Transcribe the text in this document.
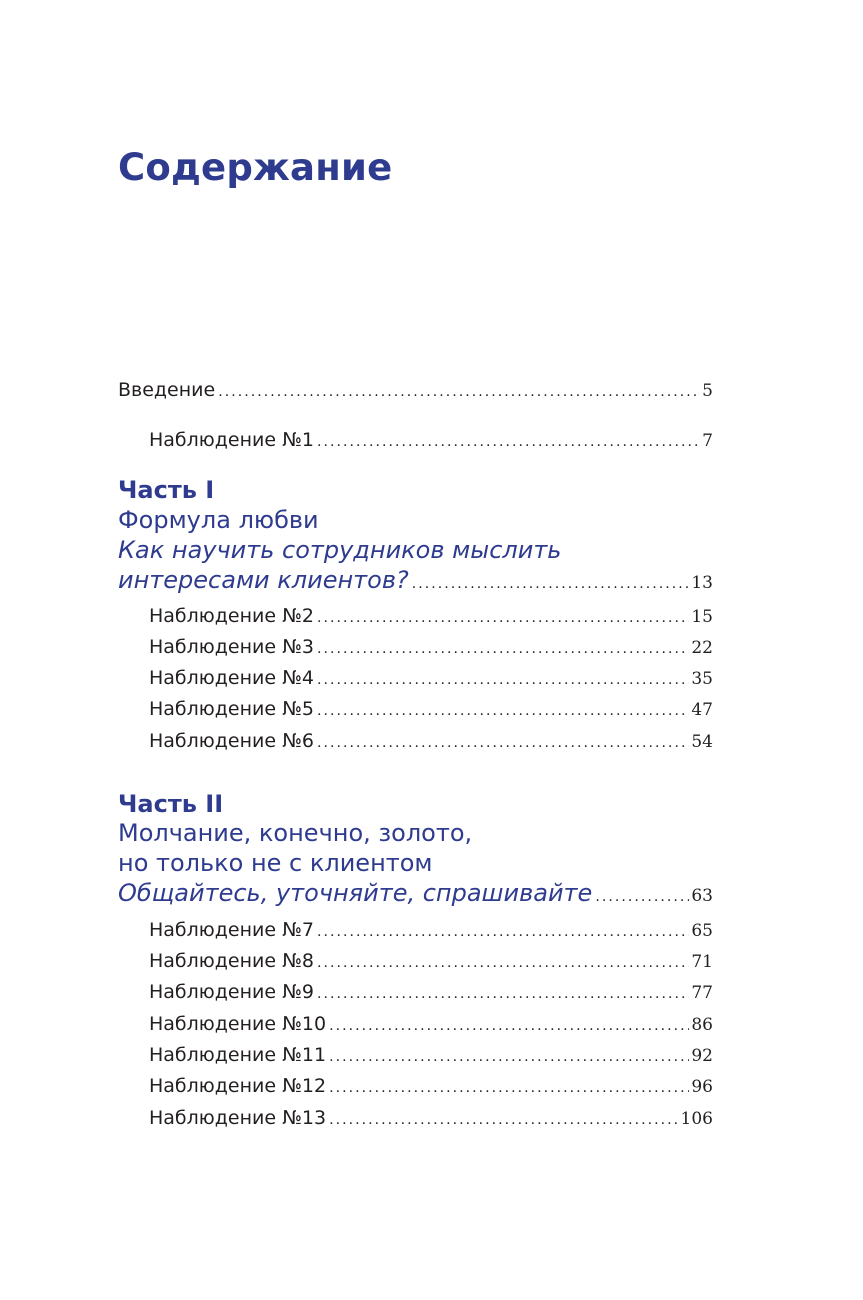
Содержание
Введение . . .	5
Наблюдение №1 . . .	7
Часть I
Формула любви
Как научить сотрудников мыслить
интересами клиентов? . . .	13
Наблюдение №2 . . .	15
Наблюдение №3 . . .	22
Наблюдение №4 . . .	35
Наблюдение №5 . . .	47
Наблюдение №6 . . .	54
Часть II
Молчание, конечно, золото,
но только не с клиентом
Общайтесь, уточняйте, спрашивайте . . .	63
Наблюдение №7 . . .	65
Наблюдение №8 . . .	71
Наблюдение №9 . . .	77
Наблюдение №10 . . .	86
Наблюдение №11 . . .	92
Наблюдение №12 . . .	96
Наблюдение №13 . . .	106
